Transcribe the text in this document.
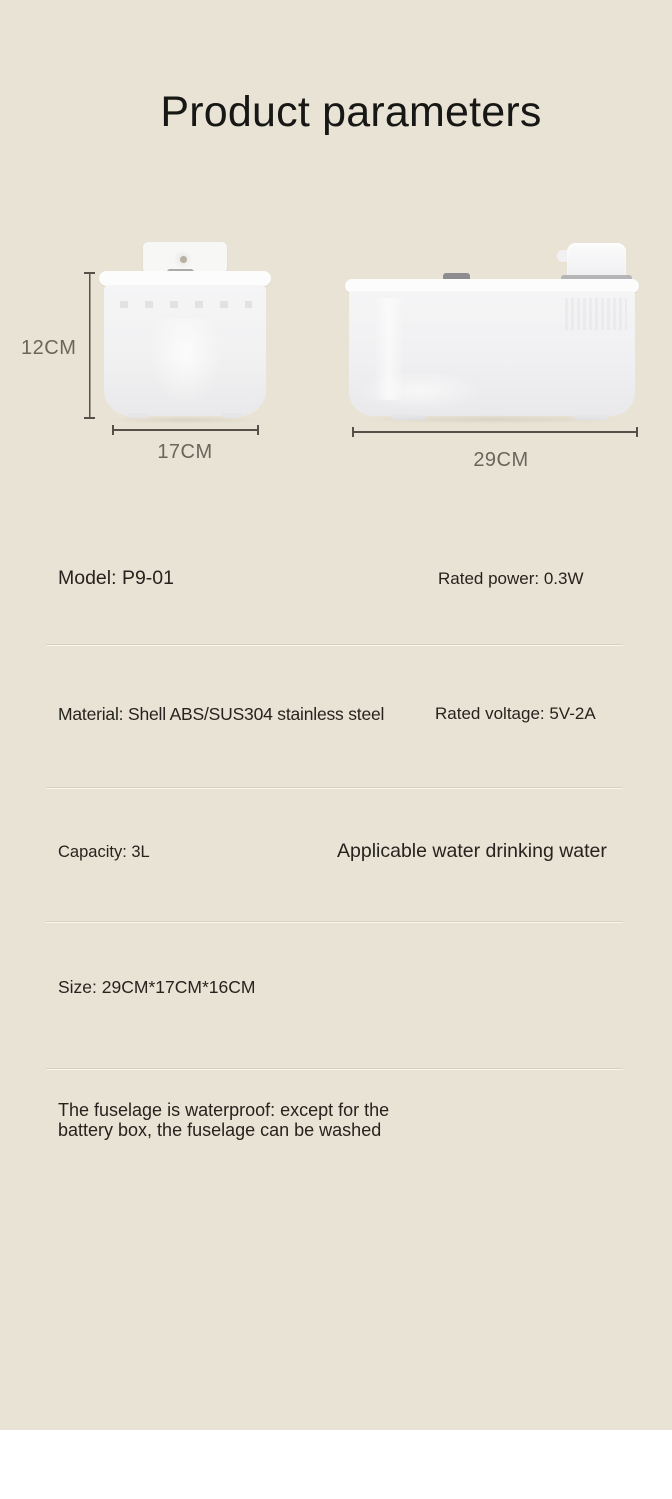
Product parameters
12CM
17CM	29CM
Model: P9-01	Rated power: 0.3W
Material: Shell ABS/SUS304 stainless steel	Rated voltage: 5V-2A
Capacity: 3L	Applicable water drinking water
Size: 29CM*17CM*16CM
The fuselage is waterproof: except for the battery box, the fuselage can be washed
